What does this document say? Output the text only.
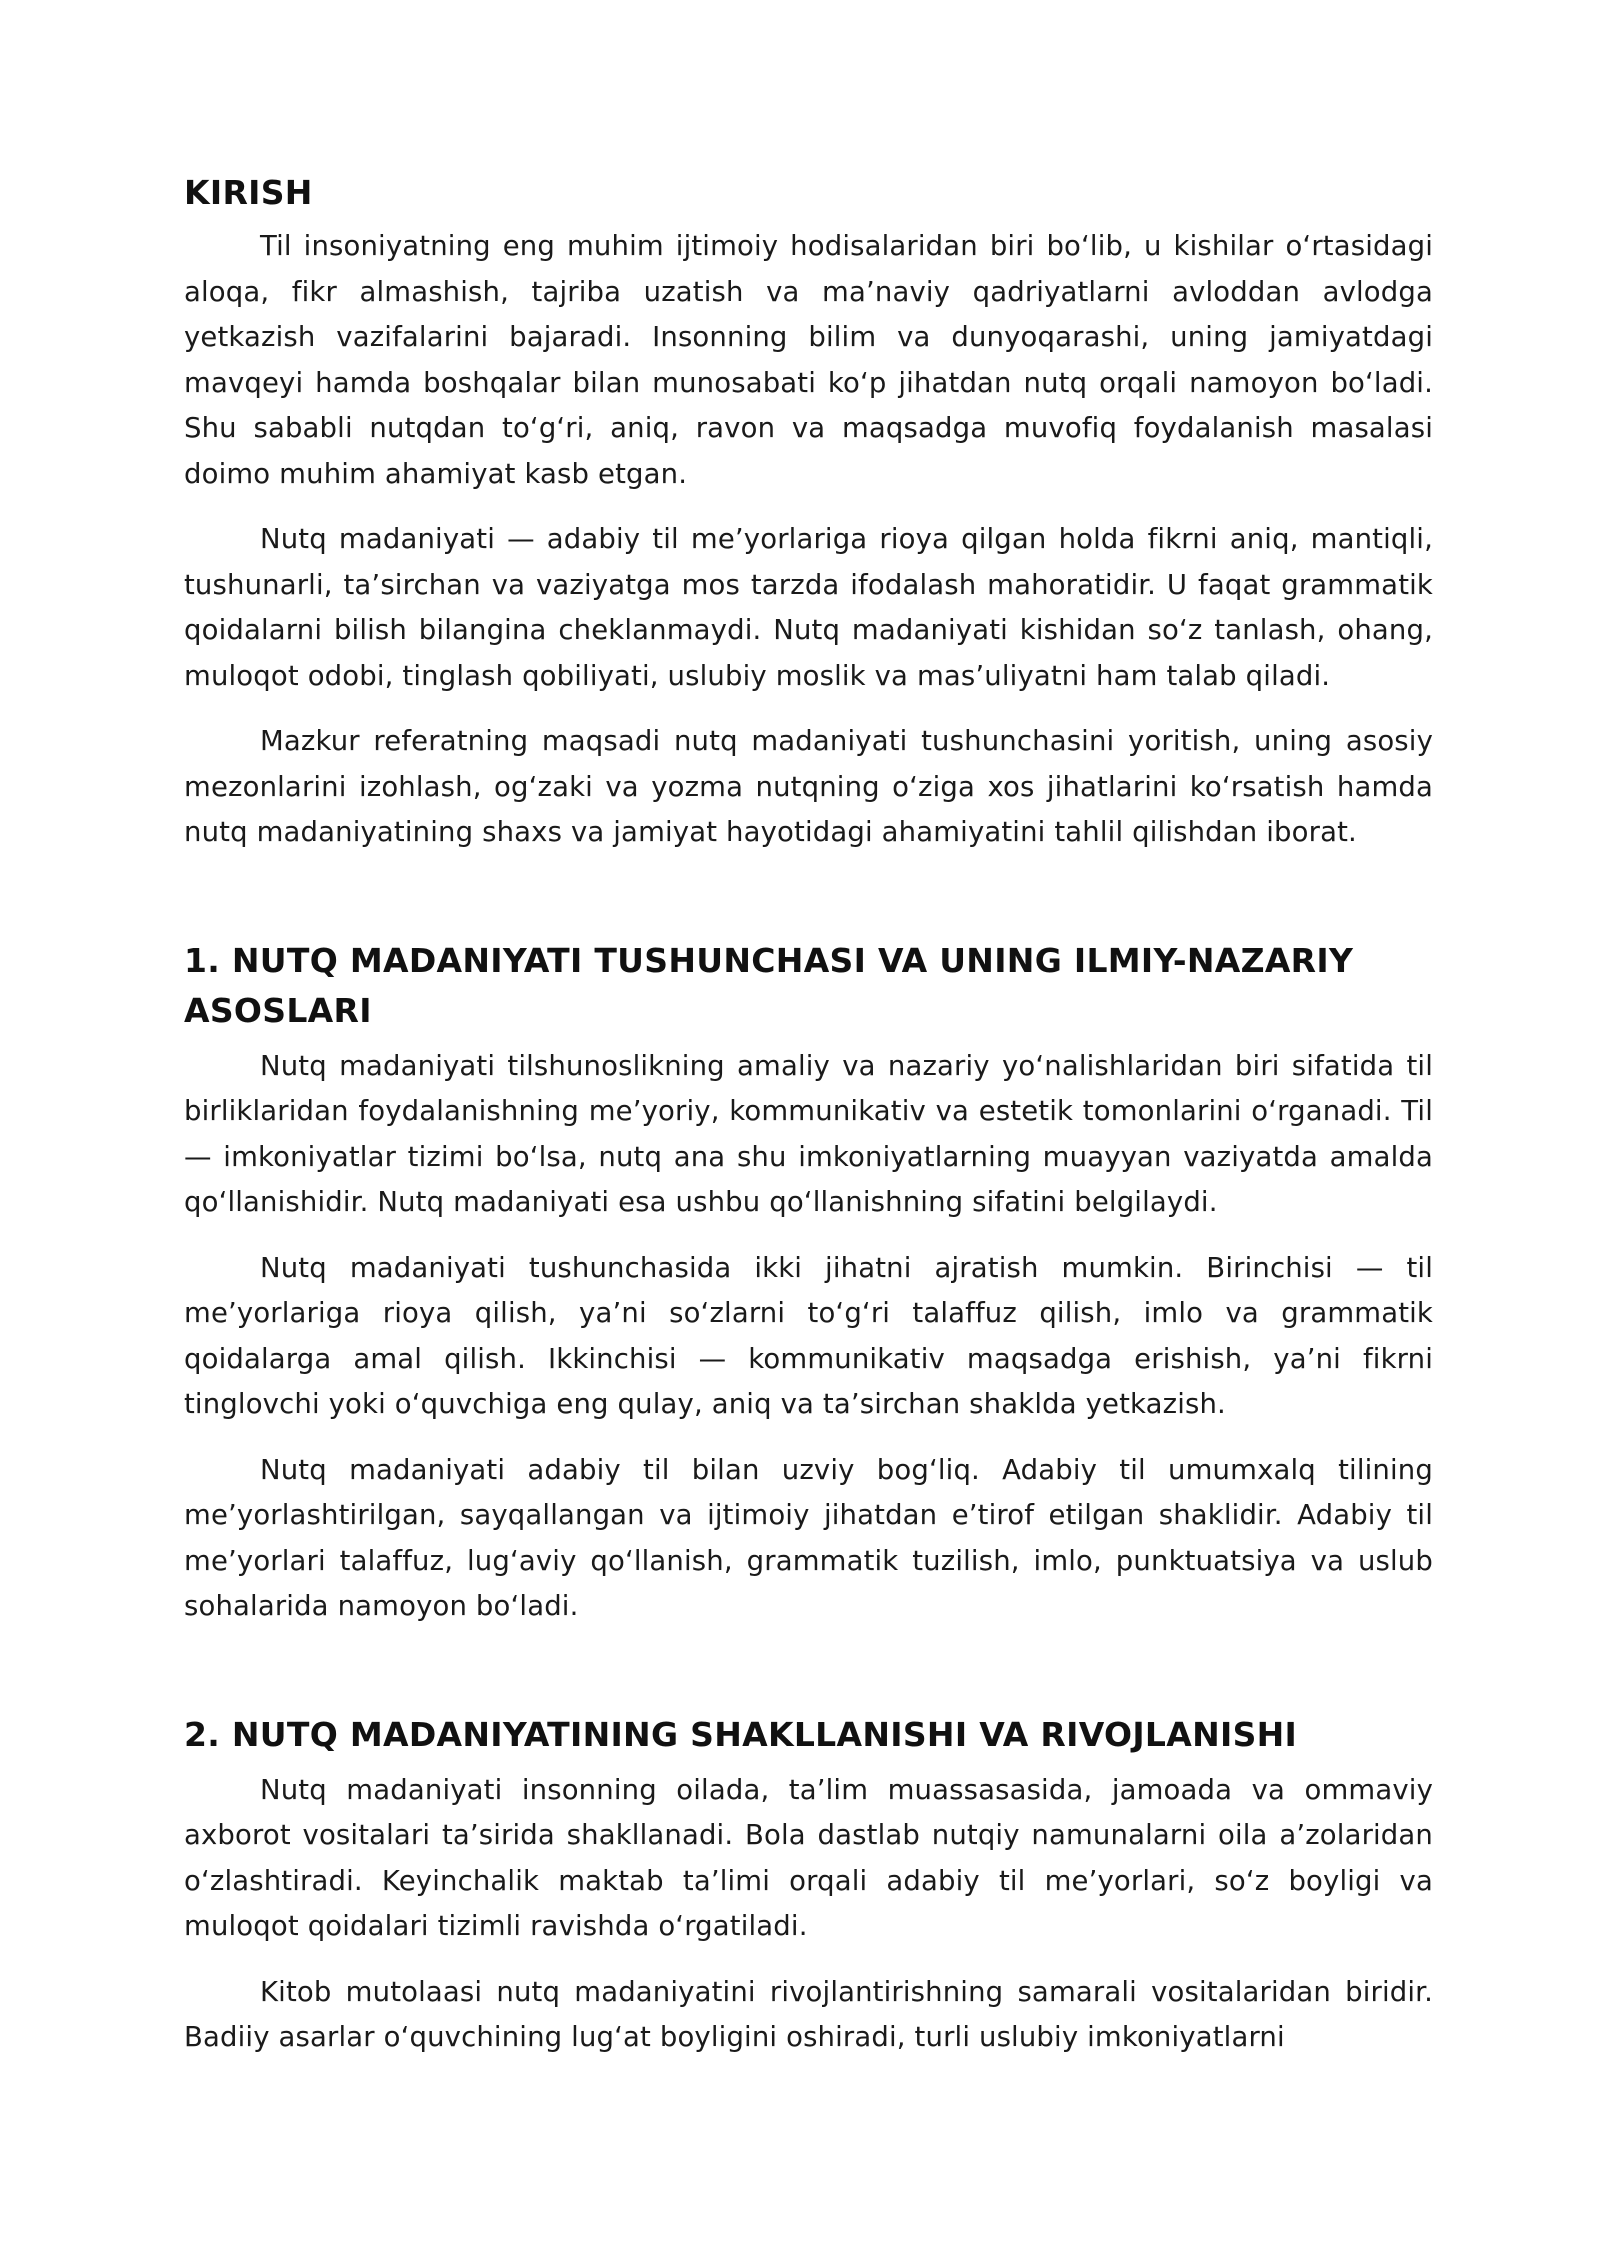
KIRISH

Til insoniyatning eng muhim ijtimoiy hodisalaridan biri bo‘lib, u kishilar o‘rtasidagi aloqa, fikr almashish, tajriba uzatish va ma’naviy qadriyatlarni avloddan avlodga yetkazish vazifalarini bajaradi. Insonning bilim va dunyoqarashi, uning jamiyatdagi mavqeyi hamda boshqalar bilan munosabati ko‘p jihatdan nutq orqali namoyon bo‘ladi. Shu sababli nutqdan to‘g‘ri, aniq, ravon va maqsadga muvofiq foydalanish masalasi doimo muhim ahamiyat kasb etgan.

Nutq madaniyati — adabiy til me’yorlariga rioya qilgan holda fikrni aniq, mantiqli, tushunarli, ta’sirchan va vaziyatga mos tarzda ifodalash mahoratidir. U faqat grammatik qoidalarni bilish bilangina cheklanmaydi. Nutq madaniyati kishidan so‘z tanlash, ohang, muloqot odobi, tinglash qobiliyati, uslubiy moslik va mas’uliyatni ham talab qiladi.

Mazkur referatning maqsadi nutq madaniyati tushunchasini yoritish, uning asosiy mezonlarini izohlash, og‘zaki va yozma nutqning o‘ziga xos jihatlarini ko‘rsatish hamda nutq madaniyatining shaxs va jamiyat hayotidagi ahamiyatini tahlil qilishdan iborat.

1. NUTQ MADANIYATI TUSHUNCHASI VA UNING ILMIY-NAZARIY ASOSLARI

Nutq madaniyati tilshunoslikning amaliy va nazariy yo‘nalishlaridan biri sifatida til birliklaridan foydalanishning me’yoriy, kommunikativ va estetik tomonlarini o‘rganadi. Til — imkoniyatlar tizimi bo‘lsa, nutq ana shu imkoniyatlarning muayyan vaziyatda amalda qo‘llanishidir. Nutq madaniyati esa ushbu qo‘llanishning sifatini belgilaydi.

Nutq madaniyati tushunchasida ikki jihatni ajratish mumkin. Birinchisi — til me’yorlariga rioya qilish, ya’ni so‘zlarni to‘g‘ri talaffuz qilish, imlo va grammatik qoidalarga amal qilish. Ikkinchisi — kommunikativ maqsadga erishish, ya’ni fikrni tinglovchi yoki o‘quvchiga eng qulay, aniq va ta’sirchan shaklda yetkazish.

Nutq madaniyati adabiy til bilan uzviy bog‘liq. Adabiy til umumxalq tilining me’yorlashtirilgan, sayqallangan va ijtimoiy jihatdan e’tirof etilgan shaklidir. Adabiy til me’yorlari talaffuz, lug‘aviy qo‘llanish, grammatik tuzilish, imlo, punktuatsiya va uslub sohalarida namoyon bo‘ladi.

2. NUTQ MADANIYATINING SHAKLLANISHI VA RIVOJLANISHI

Nutq madaniyati insonning oilada, ta’lim muassasasida, jamoada va ommaviy axborot vositalari ta’sirida shakllanadi. Bola dastlab nutqiy namunalarni oila a’zolaridan o‘zlashtiradi. Keyinchalik maktab ta’limi orqali adabiy til me’yorlari, so‘z boyligi va muloqot qoidalari tizimli ravishda o‘rgatiladi.

Kitob mutolaasi nutq madaniyatini rivojlantirishning samarali vositalaridan biridir. Badiiy asarlar o‘quvchining lug‘at boyligini oshiradi, turli uslubiy imkoniyatlarni
